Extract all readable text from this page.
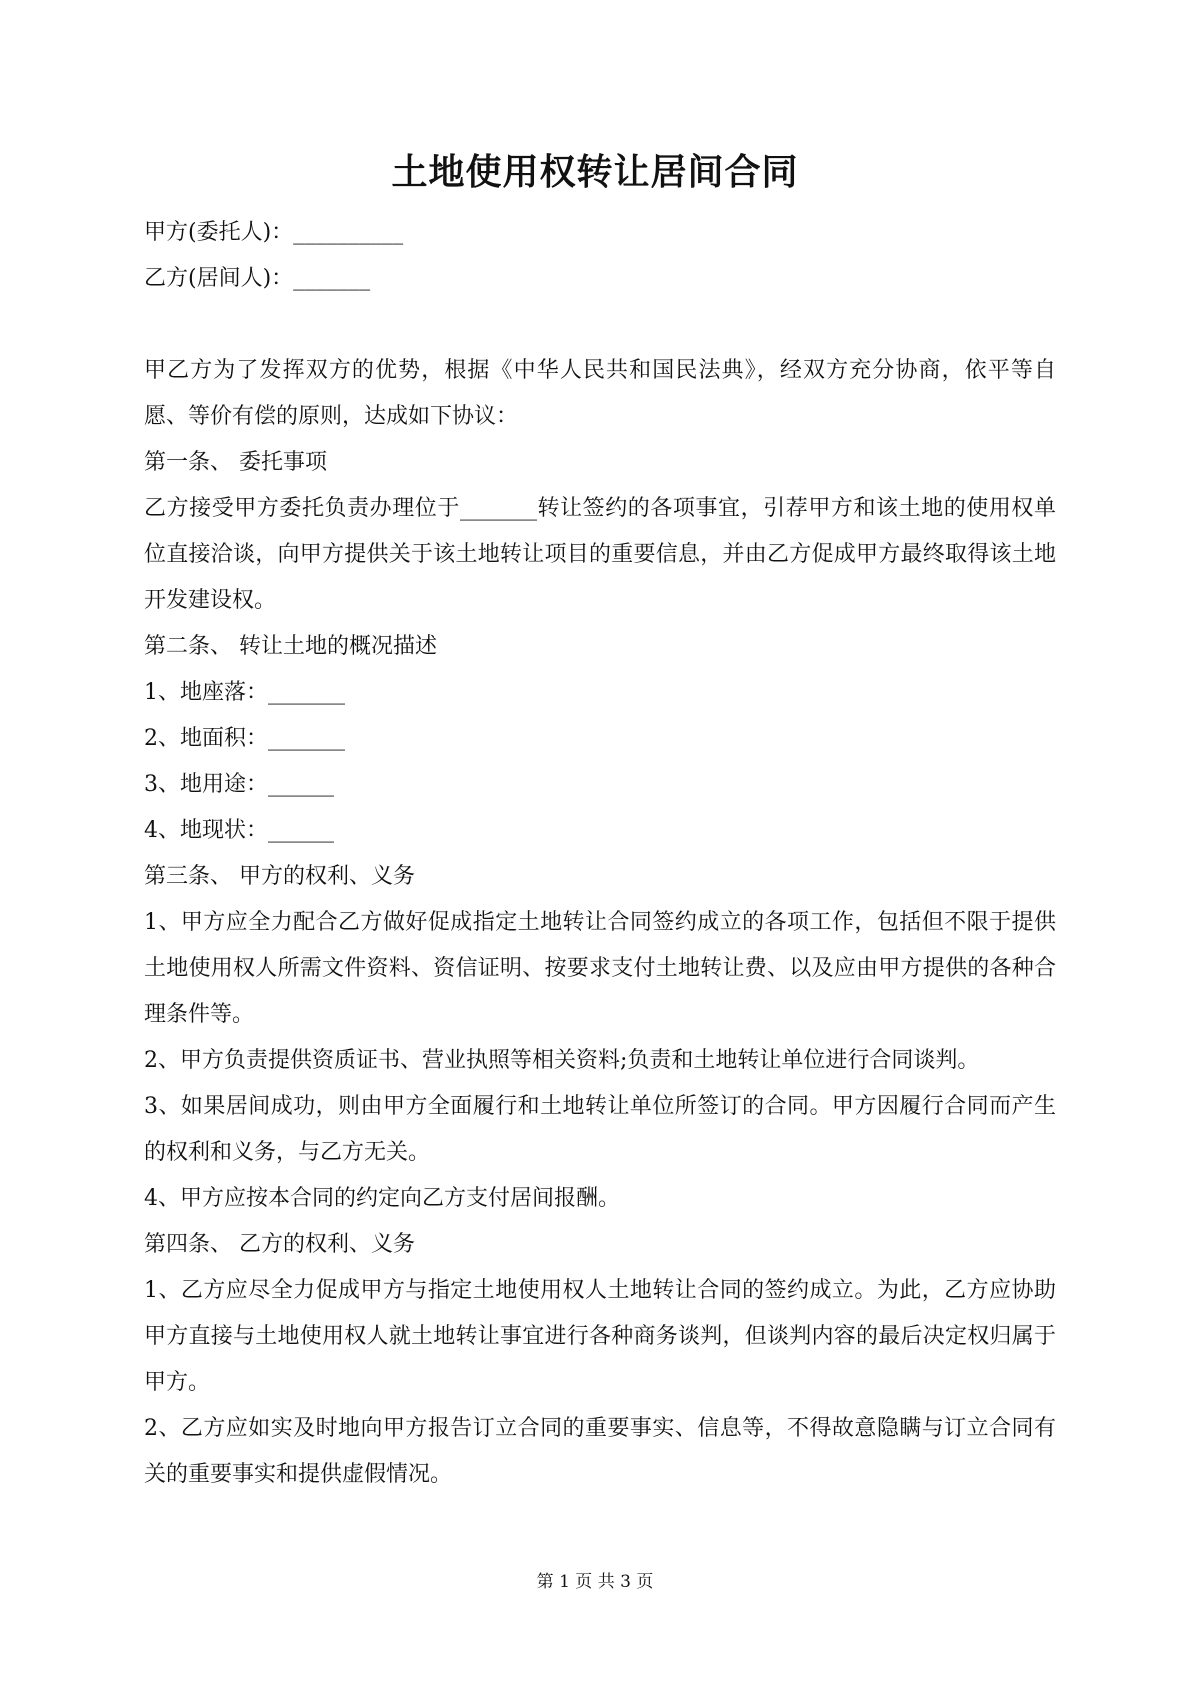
土地使用权转让居间合同

甲方(委托人)：__________

乙方(居间人)：_______

甲乙方为了发挥双方的优势，根据《中华人民共和国民法典》，经双方充分协商，依平等自愿、等价有偿的原则，达成如下协议：

第一条、 委托事项

乙方接受甲方委托负责办理位于_______转让签约的各项事宜，引荐甲方和该土地的使用权单位直接洽谈，向甲方提供关于该土地转让项目的重要信息，并由乙方促成甲方最终取得该土地开发建设权。

第二条、 转让土地的概况描述

1、地座落：_______

2、地面积：_______

3、地用途：______

4、地现状：______

第三条、 甲方的权利、义务

1、甲方应全力配合乙方做好促成指定土地转让合同签约成立的各项工作，包括但不限于提供土地使用权人所需文件资料、资信证明、按要求支付土地转让费、以及应由甲方提供的各种合理条件等。

2、甲方负责提供资质证书、营业执照等相关资料;负责和土地转让单位进行合同谈判。

3、如果居间成功，则由甲方全面履行和土地转让单位所签订的合同。甲方因履行合同而产生的权利和义务，与乙方无关。

4、甲方应按本合同的约定向乙方支付居间报酬。

第四条、 乙方的权利、义务

1、乙方应尽全力促成甲方与指定土地使用权人土地转让合同的签约成立。为此，乙方应协助甲方直接与土地使用权人就土地转让事宜进行各种商务谈判，但谈判内容的最后决定权归属于甲方。

2、乙方应如实及时地向甲方报告订立合同的重要事实、信息等，不得故意隐瞒与订立合同有关的重要事实和提供虚假情况。

第 1 页 共 3 页
